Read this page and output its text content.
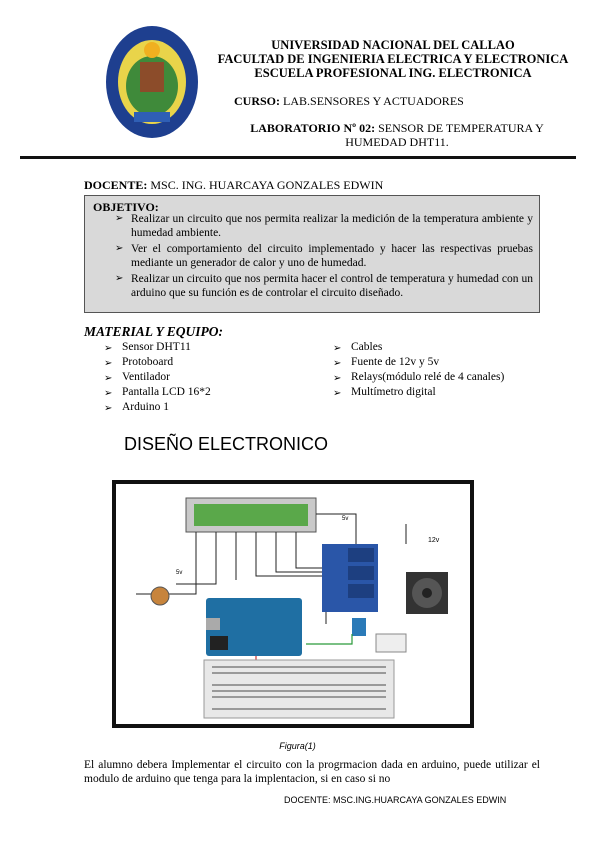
UNIVERSIDAD NACIONAL DEL CALLAO
FACULTAD DE INGENIERIA ELECTRICA Y ELECTRONICA
ESCUELA PROFESIONAL ING. ELECTRONICA
CURSO: LAB.SENSORES Y ACTUADORES
LABORATORIO Nº 02: SENSOR DE TEMPERATURA Y HUMEDAD DHT11.
DOCENTE: MSC. ING. HUARCAYA GONZALES EDWIN
OBJETIVO:
➢ Realizar un circuito que nos permita realizar la medición de la temperatura ambiente y humedad ambiente.
➢ Ver el comportamiento del circuito implementado y hacer las respectivas pruebas mediante un generador de calor y uno de humedad.
➢ Realizar un circuito que nos permita hacer el control de temperatura y humedad con un arduino que su función es de controlar el circuito diseñado.
MATERIAL Y EQUIPO:
➢ Sensor DHT11
➢ Protoboard
➢ Ventilador
➢ Pantalla LCD 16*2
➢ Arduino 1
➢ Cables
➢ Fuente de 12v y 5v
➢ Relays(módulo relé de 4 canales)
➢ Multímetro digital
DISEÑO ELECTRONICO
5v
5v
12v
Figura(1)
El alumno debera Implementar el circuito con la progrmacion dada en arduino, puede utilizar el modulo de arduino que tenga para la implentacion, si en caso si no
DOCENTE: MSC.ING.HUARCAYA GONZALES EDWIN
